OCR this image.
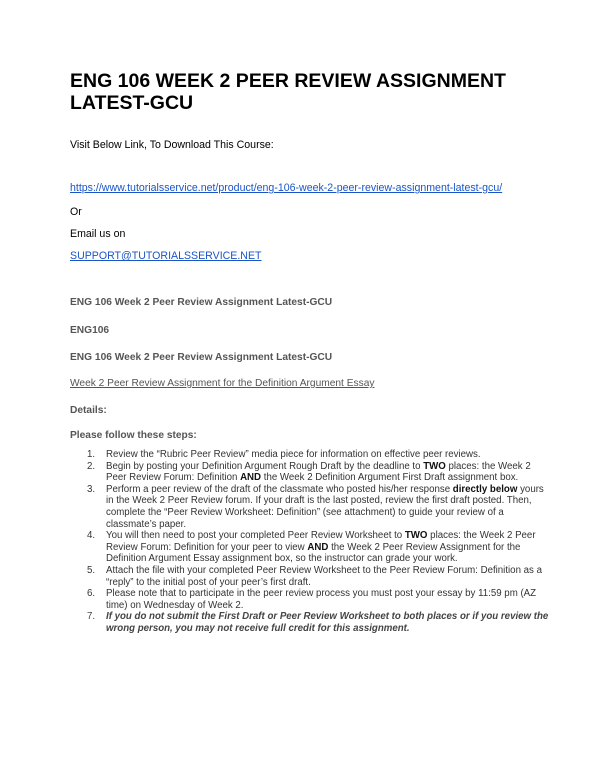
ENG 106 WEEK 2 PEER REVIEW ASSIGNMENT LATEST-GCU

Visit Below Link, To Download This Course:

https://www.tutorialsservice.net/product/eng-106-week-2-peer-review-assignment-latest-gcu/

Or

Email us on

SUPPORT@TUTORIALSSERVICE.NET

ENG 106 Week 2 Peer Review Assignment Latest-GCU

ENG106

ENG 106 Week 2 Peer Review Assignment Latest-GCU

Week 2 Peer Review Assignment for the Definition Argument Essay

Details:

Please follow these steps:

1. Review the “Rubric Peer Review” media piece for information on effective peer reviews.
2. Begin by posting your Definition Argument Rough Draft by the deadline to TWO places: the Week 2 Peer Review Forum: Definition AND the Week 2 Definition Argument First Draft assignment box.
3. Perform a peer review of the draft of the classmate who posted his/her response directly below yours in the Week 2 Peer Review forum. If your draft is the last posted, review the first draft posted. Then, complete the “Peer Review Worksheet: Definition” (see attachment) to guide your review of a classmate’s paper.
4. You will then need to post your completed Peer Review Worksheet to TWO places: the Week 2 Peer Review Forum: Definition for your peer to view AND the Week 2 Peer Review Assignment for the Definition Argument Essay assignment box, so the instructor can grade your work.
5. Attach the file with your completed Peer Review Worksheet to the Peer Review Forum: Definition as a “reply” to the initial post of your peer’s first draft.
6. Please note that to participate in the peer review process you must post your essay by 11:59 pm (AZ time) on Wednesday of Week 2.
7. If you do not submit the First Draft or Peer Review Worksheet to both places or if you review the wrong person, you may not receive full credit for this assignment.
